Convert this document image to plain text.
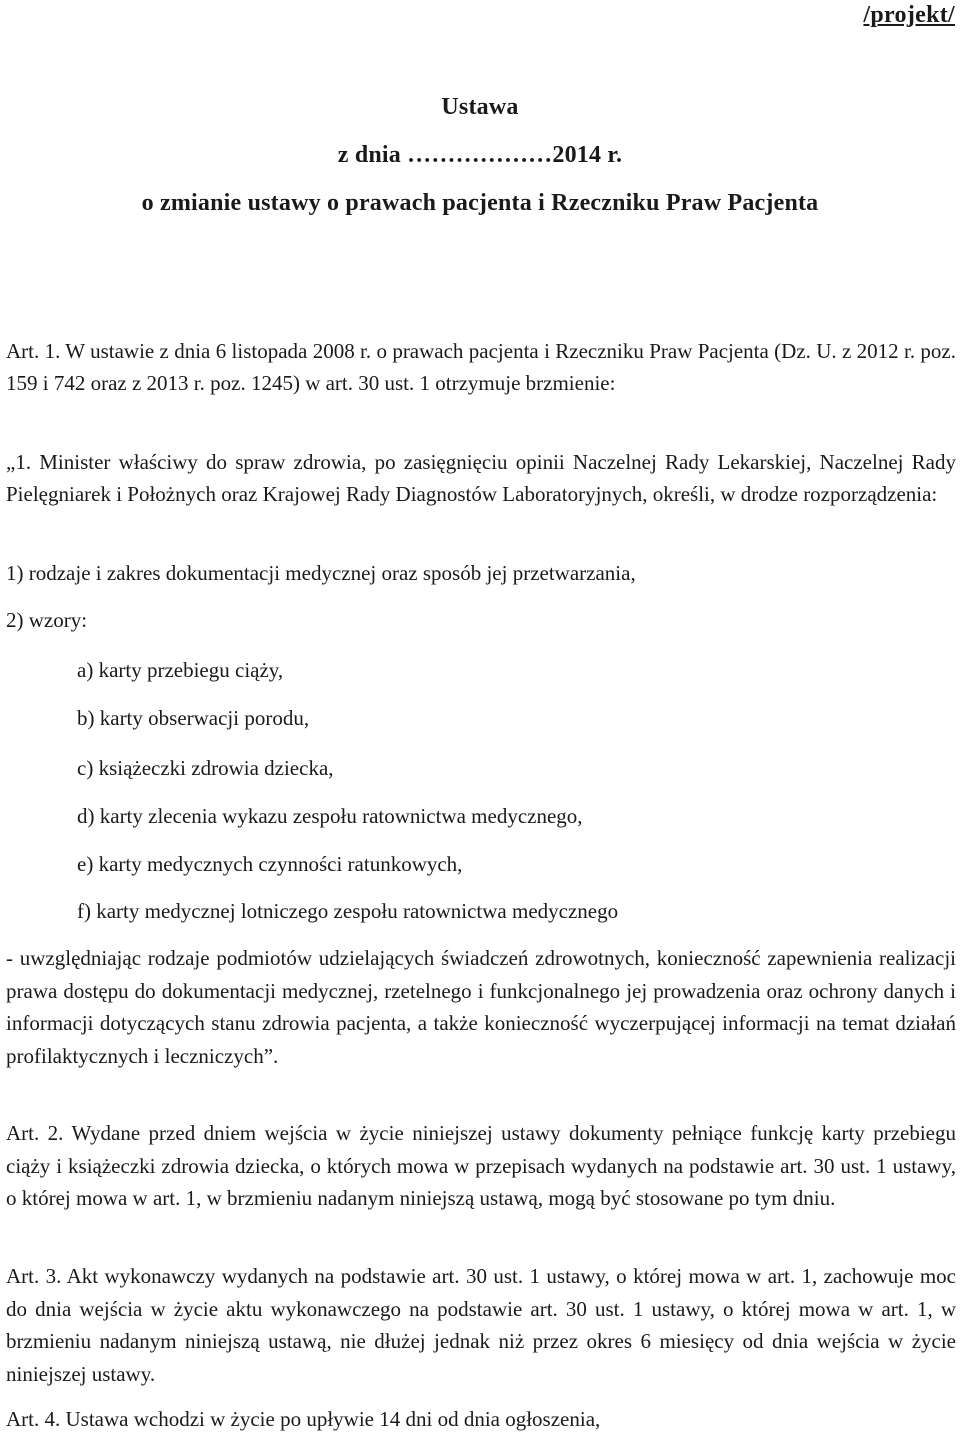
/projekt/
Ustawa
z dnia ………………2014 r.
o zmianie ustawy o prawach pacjenta i Rzeczniku Praw Pacjenta
Art. 1. W ustawie z dnia 6 listopada 2008 r. o prawach pacjenta i Rzeczniku Praw Pacjenta (Dz. U. z 2012 r. poz. 159 i 742 oraz z 2013 r. poz. 1245) w art. 30 ust. 1 otrzymuje brzmienie:
„1. Minister właściwy do spraw zdrowia, po zasięgnięciu opinii Naczelnej Rady Lekarskiej, Naczelnej Rady Pielęgniarek i Położnych oraz Krajowej Rady Diagnostów Laboratoryjnych, określi, w drodze rozporządzenia:
1) rodzaje i zakres dokumentacji medycznej oraz sposób jej przetwarzania,
2) wzory:
a) karty przebiegu ciąży,
b) karty obserwacji porodu,
c) książeczki zdrowia dziecka,
d) karty zlecenia wykazu zespołu ratownictwa medycznego,
e) karty medycznych czynności ratunkowych,
f) karty medycznej lotniczego zespołu ratownictwa medycznego
- uwzględniając rodzaje podmiotów udzielających świadczeń zdrowotnych, konieczność zapewnienia realizacji prawa dostępu do dokumentacji medycznej, rzetelnego i funkcjonalnego jej prowadzenia oraz ochrony danych i informacji dotyczących stanu zdrowia pacjenta, a także konieczność wyczerpującej informacji na temat działań profilaktycznych i leczniczych”.
Art. 2. Wydane przed dniem wejścia w życie niniejszej ustawy dokumenty pełniące funkcję karty przebiegu ciąży i książeczki zdrowia dziecka, o których mowa w przepisach wydanych na podstawie art. 30 ust. 1 ustawy, o której mowa w art. 1, w brzmieniu nadanym niniejszą ustawą, mogą być stosowane po tym dniu.
Art. 3. Akt wykonawczy wydanych na podstawie art. 30 ust. 1 ustawy, o której mowa w art. 1, zachowuje moc do dnia wejścia w życie aktu wykonawczego na podstawie art. 30 ust. 1 ustawy, o której mowa w art. 1, w brzmieniu nadanym niniejszą ustawą, nie dłużej jednak niż przez okres 6 miesięcy od dnia wejścia w życie niniejszej ustawy.
Art. 4. Ustawa wchodzi w życie po upływie 14 dni od dnia ogłoszenia,
